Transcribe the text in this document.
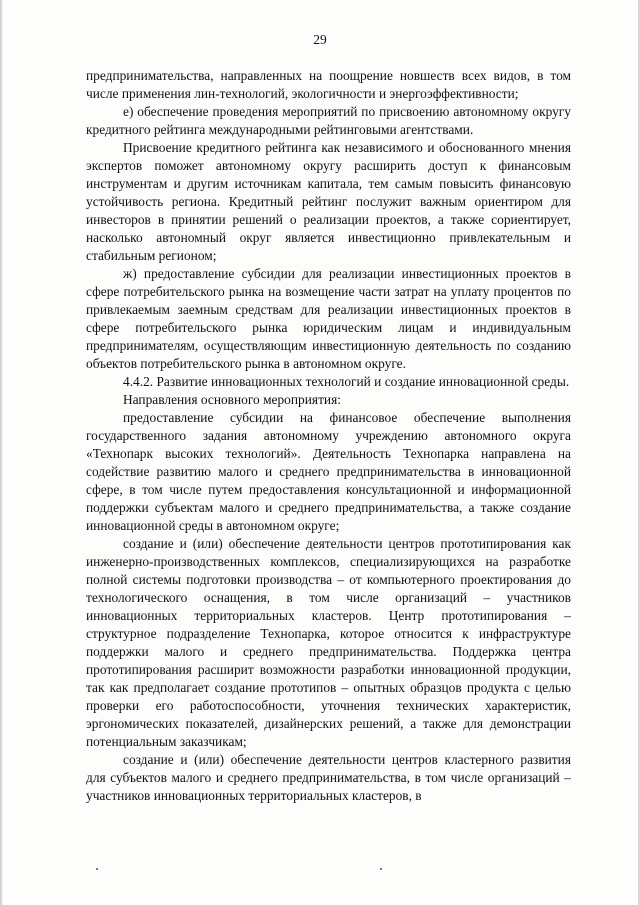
29

предпринимательства, направленных на поощрение новшеств всех видов, в том числе применения лин-технологий, экологичности и энергоэффективности;

е) обеспечение проведения мероприятий по присвоению автономному округу кредитного рейтинга международными рейтинговыми агентствами.

Присвоение кредитного рейтинга как независимого и обоснованного мнения экспертов поможет автономному округу расширить доступ к финансовым инструментам и другим источникам капитала, тем самым повысить финансовую устойчивость региона. Кредитный рейтинг послужит важным ориентиром для инвесторов в принятии решений о реализации проектов, а также сориентирует, насколько автономный округ является инвестиционно привлекательным и стабильным регионом;

ж) предоставление субсидии для реализации инвестиционных проектов в сфере потребительского рынка на возмещение части затрат на уплату процентов по привлекаемым заемным средствам для реализации инвестиционных проектов в сфере потребительского рынка юридическим лицам и индивидуальным предпринимателям, осуществляющим инвестиционную деятельность по созданию объектов потребительского рынка в автономном округе.

4.4.2. Развитие инновационных технологий и создание инновационной среды.

Направления основного мероприятия:

предоставление субсидии на финансовое обеспечение выполнения государственного задания автономному учреждению автономного округа «Технопарк высоких технологий». Деятельность Технопарка направлена на содействие развитию малого и среднего предпринимательства в инновационной сфере, в том числе путем предоставления консультационной и информационной поддержки субъектам малого и среднего предпринимательства, а также создание инновационной среды в автономном округе;

создание и (или) обеспечение деятельности центров прототипирования как инженерно-производственных комплексов, специализирующихся на разработке полной системы подготовки производства – от компьютерного проектирования до технологического оснащения, в том числе организаций – участников инновационных территориальных кластеров. Центр прототипирования – структурное подразделение Технопарка, которое относится к инфраструктуре поддержки малого и среднего предпринимательства. Поддержка центра прототипирования расширит возможности разработки инновационной продукции, так как предполагает создание прототипов – опытных образцов продукта с целью проверки его работоспособности, уточнения технических характеристик, эргономических показателей, дизайнерских решений, а также для демонстрации потенциальным заказчикам;

создание и (или) обеспечение деятельности центров кластерного развития для субъектов малого и среднего предпринимательства, в том числе организаций – участников инновационных территориальных кластеров, в
